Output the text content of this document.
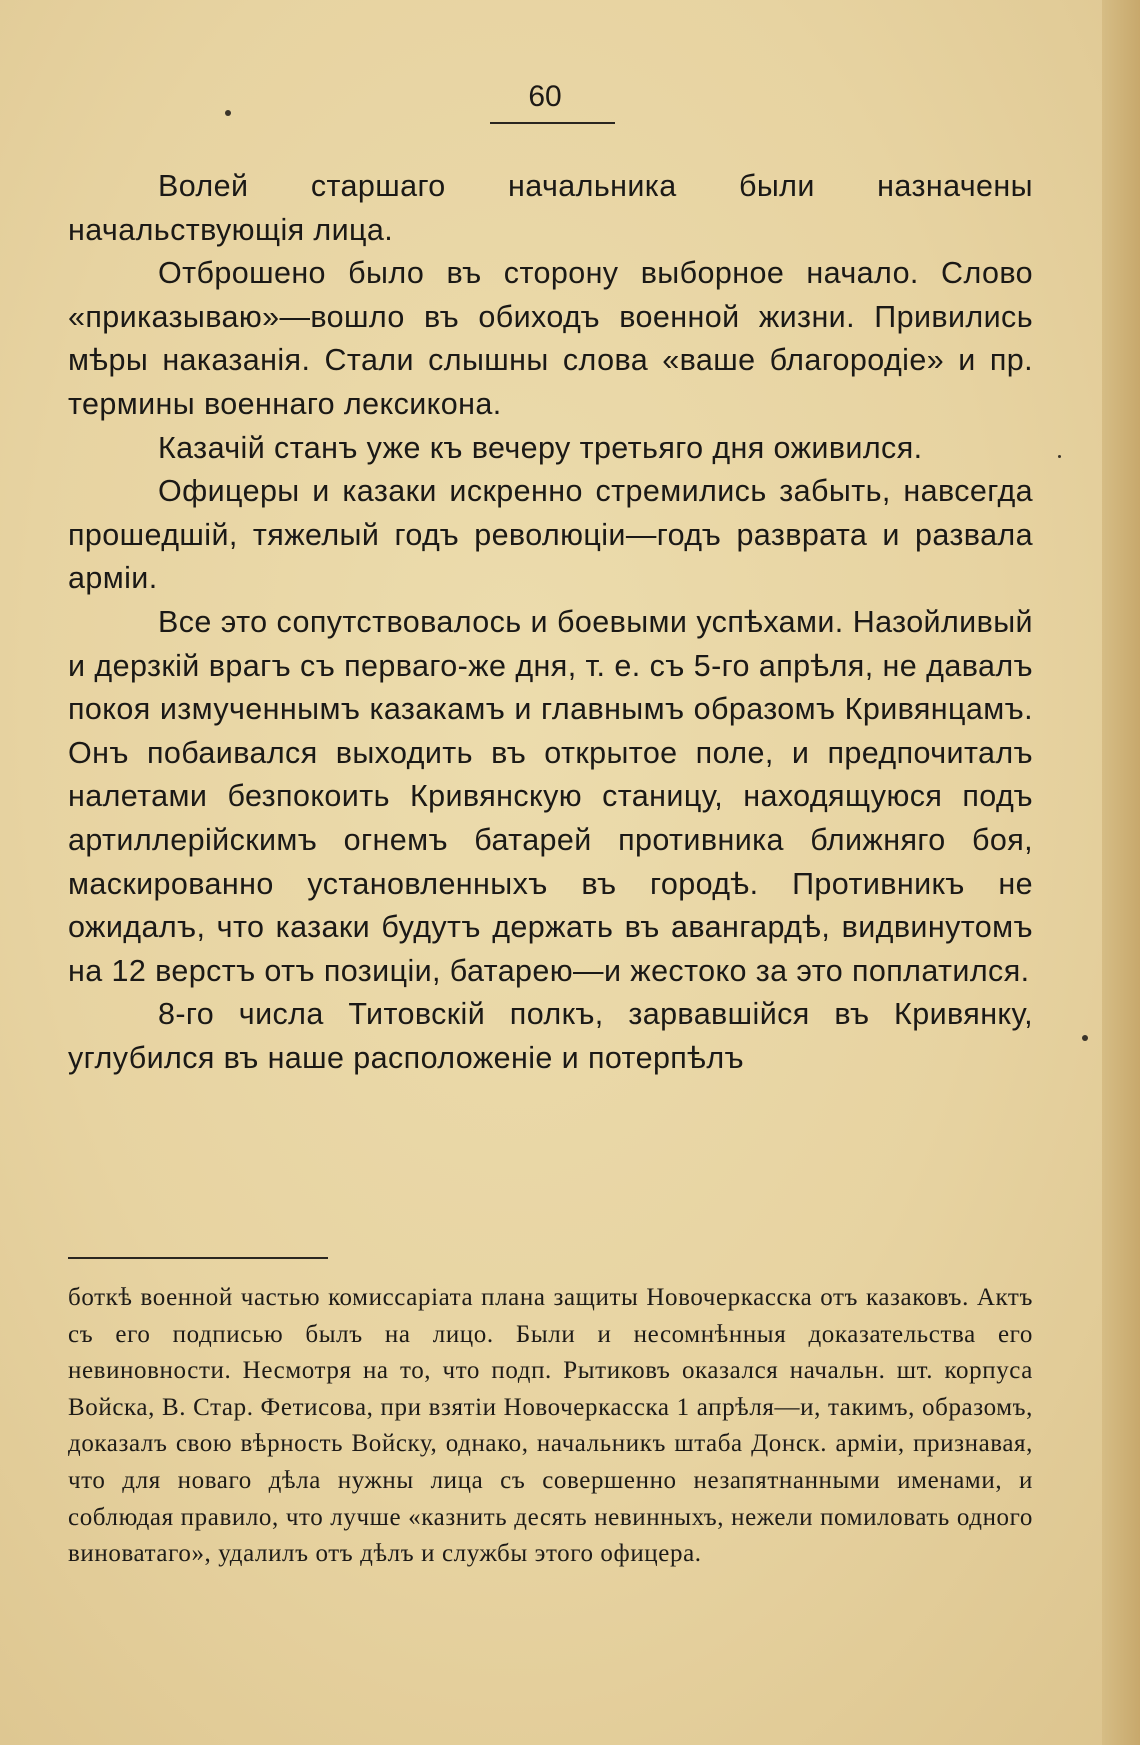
60

Волей старшаго начальника были назначены начальствующія лица.

Отброшено было въ сторону выборное начало. Слово «приказываю»—вошло въ обиходъ военной жизни. Привились мѣры наказанія. Стали слышны слова «ваше благородіе» и пр. термины военнаго лексикона.

Казачій станъ уже къ вечеру третьяго дня оживился.

Офицеры и казаки искренно стремились забыть, навсегда прошедшій, тяжелый годъ революціи—годъ разврата и развала арміи.

Все это сопутствовалось и боевыми успѣхами. Назойливый и дерзкій врагъ съ перваго-же дня, т. е. съ 5-го апрѣля, не давалъ покоя измученнымъ казакамъ и главнымъ образомъ Кривянцамъ. Онъ побаивался выходить въ открытое поле, и предпочиталъ налетами безпокоить Кривянскую станицу, находящуюся подъ артиллерійскимъ огнемъ батарей противника ближняго боя, маскированно установленныхъ въ городѣ. Противникъ не ожидалъ, что казаки будутъ держать въ авангардѣ, видвинутомъ на 12 верстъ отъ позиціи, батарею—и жестоко за это поплатился.

8-го числа Титовскій полкъ, зарвавшійся въ Кривянку, углубился въ наше расположеніе и потерпѣлъ

боткѣ военной частью комиссаріата плана защиты Новочеркасска отъ казаковъ. Актъ съ его подписью былъ на лицо. Были и несомнѣнныя доказательства его невиновности. Несмотря на то, что подп. Рытиковъ оказался начальн. шт. корпуса Войска, В. Стар. Фетисова, при взятіи Новочеркасска 1 апрѣля—и, такимъ, образомъ, доказалъ свою вѣрность Войску, однако, начальникъ штаба Донск. арміи, признавая, что для новаго дѣла нужны лица съ совершенно незапятнанными именами, и соблюдая правило, что лучше «казнить десять невинныхъ, нежели помиловать одного виноватаго», удалилъ отъ дѣлъ и службы этого офицера.
